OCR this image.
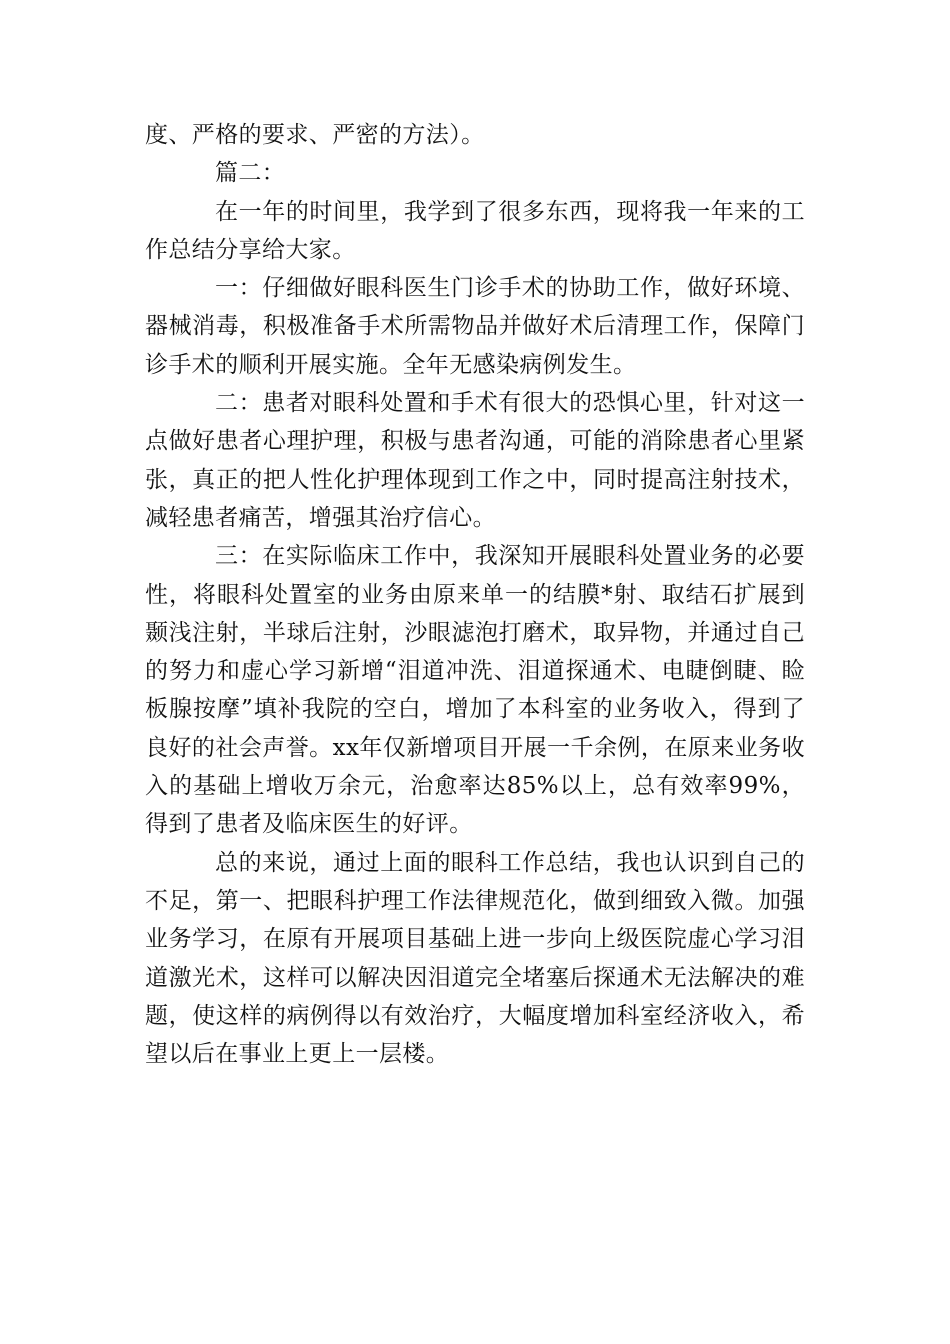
度、严格的要求、严密的方法）。

篇二：

在一年的时间里，我学到了很多东西，现将我一年来的工作总结分享给大家。

一：仔细做好眼科医生门诊手术的协助工作，做好环境、器械消毒，积极准备手术所需物品并做好术后清理工作，保障门诊手术的顺利开展实施。全年无感染病例发生。

二：患者对眼科处置和手术有很大的恐惧心里，针对这一点做好患者心理护理，积极与患者沟通，可能的消除患者心里紧张，真正的把人性化护理体现到工作之中，同时提高注射技术，减轻患者痛苦，增强其治疗信心。

三：在实际临床工作中，我深知开展眼科处置业务的必要性，将眼科处置室的业务由原来单一的结膜*射、取结石扩展到颞浅注射，半球后注射，沙眼滤泡打磨术，取异物，并通过自己的努力和虚心学习新增“泪道冲洗、泪道探通术、电睫倒睫、睑板腺按摩”填补我院的空白，增加了本科室的业务收入，得到了良好的社会声誉。xx年仅新增项目开展一千余例，在原来业务收入的基础上增收万余元，治愈率达85%以上，总有效率99%，得到了患者及临床医生的好评。

总的来说，通过上面的眼科工作总结，我也认识到自己的不足，第一、把眼科护理工作法律规范化，做到细致入微。加强业务学习，在原有开展项目基础上进一步向上级医院虚心学习泪道激光术，这样可以解决因泪道完全堵塞后探通术无法解决的难题，使这样的病例得以有效治疗，大幅度增加科室经济收入，希望以后在事业上更上一层楼。
